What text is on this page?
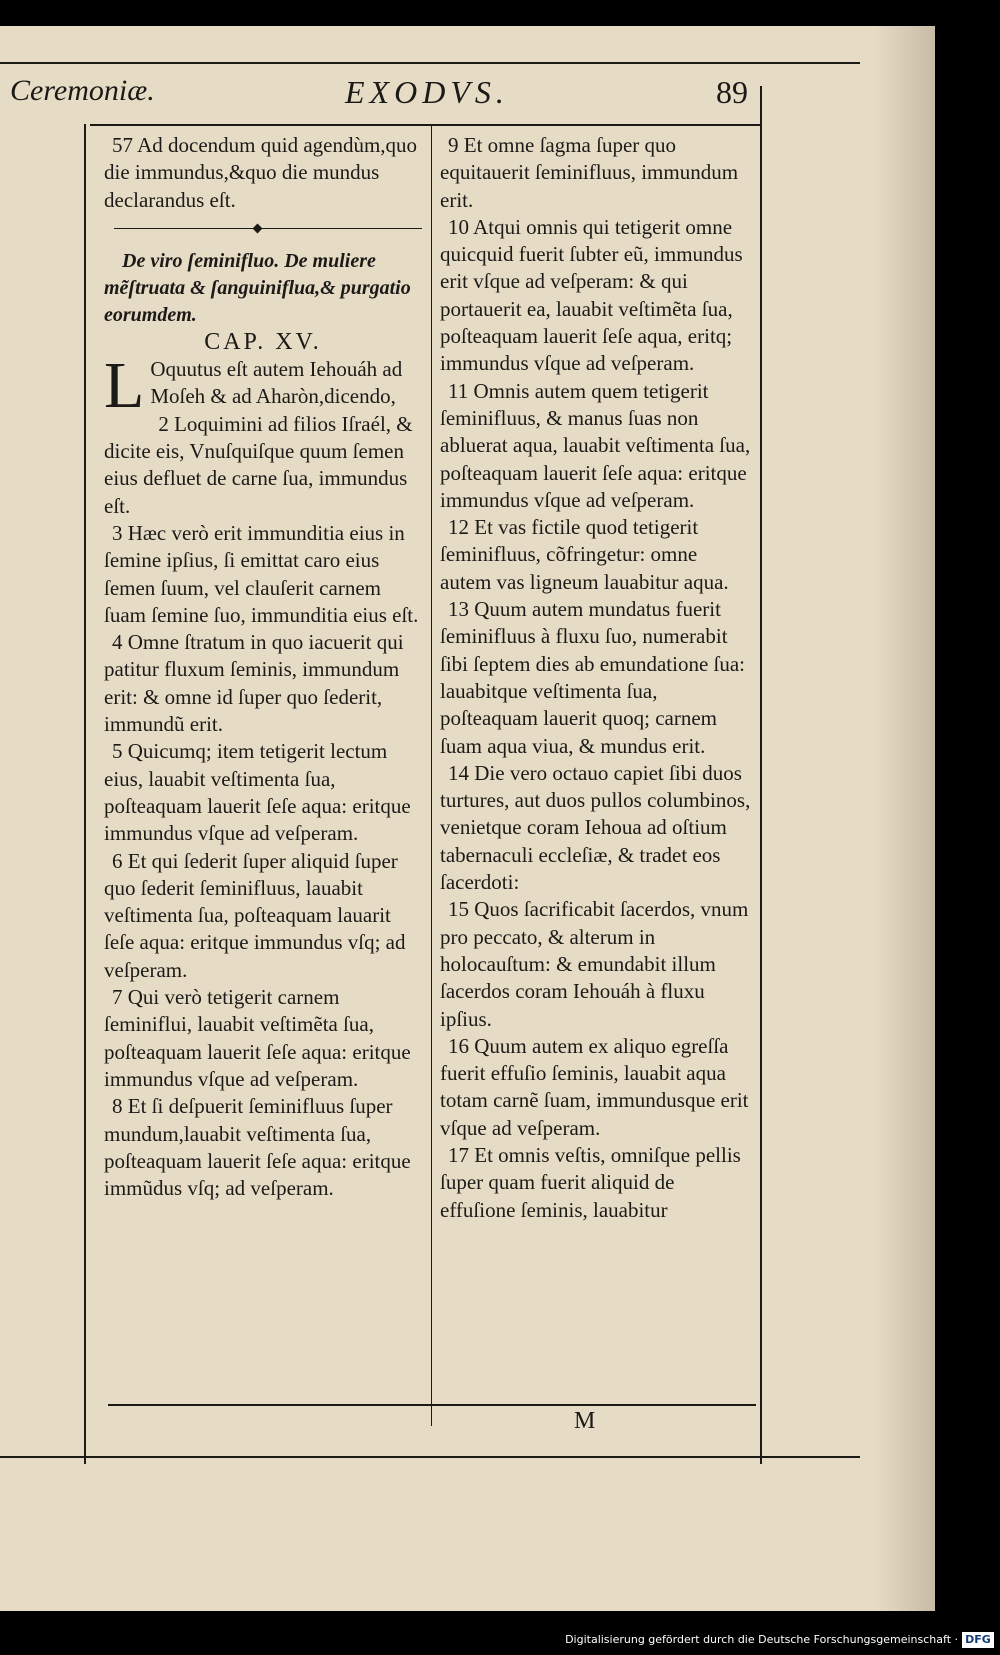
Ceremoniæ.	EXODVS.	89

57 Ad docendum quid agendùm,quo die immundus,&quo die mundus declarandus eſt.

De viro ſeminifluo. De muliere mẽſtruata & ſanguiniflua,& purgatio eorumdem.

CAP. XV.

L Oquutus eſt autem Iehouáh ad Moſeh & ad Aharòn,dicendo,

2 Loquimini ad filios Iſraél, & dicite eis, Vnuſquiſque quum ſemen eius defluet de carne ſua, immundus eſt.

3 Hæc verò erit immunditia eius in ſemine ipſius, ſi emittat caro eius ſemen ſuum, vel clauſerit carnem ſuam ſemine ſuo, immunditia eius eſt.

4 Omne ſtratum in quo iacuerit qui patitur fluxum ſeminis, immundum erit: & omne id ſuper quo ſederit, immundũ erit.

5 Quicumq; item tetigerit lectum eius, lauabit veſtimenta ſua, poſteaquam lauerit ſeſe aqua: eritque immundus vſque ad veſperam.

6 Et qui ſederit ſuper aliquid ſuper quo ſederit ſeminifluus, lauabit veſtimenta ſua, poſteaquam lauarit ſeſe aqua: eritque immundus vſq; ad veſperam.

7 Qui verò tetigerit carnem ſeminiflui, lauabit veſtimẽta ſua, poſteaquam lauerit ſeſe aqua: eritque immundus vſque ad veſperam.

8 Et ſi deſpuerit ſeminifluus ſuper mundum,lauabit veſtimenta ſua, poſteaquam lauerit ſeſe aqua: eritque immũdus vſq; ad veſperam.

9 Et omne ſagma ſuper quo equitauerit ſeminifluus, immundum erit.

10 Atqui omnis qui tetigerit omne quicquid fuerit ſubter eũ, immundus erit vſque ad veſperam: & qui portauerit ea, lauabit veſtimẽta ſua, poſteaquam lauerit ſeſe aqua, eritq; immundus vſque ad veſperam.

11 Omnis autem quem tetigerit ſeminifluus, & manus ſuas non abluerat aqua, lauabit veſtimenta ſua, poſteaquam lauerit ſeſe aqua: eritque immundus vſque ad veſperam.

12 Et vas fictile quod tetigerit ſeminifluus, cõfringetur: omne autem vas ligneum lauabitur aqua.

13 Quum autem mundatus fuerit ſeminifluus à fluxu ſuo, numerabit ſibi ſeptem dies ab emundatione ſua: lauabitque veſtimenta ſua, poſteaquam lauerit quoq; carnem ſuam aqua viua, & mundus erit.

14 Die vero octauo capiet ſibi duos turtures, aut duos pullos columbinos, venietque coram Iehoua ad oſtium tabernaculi eccleſiæ, & tradet eos ſacerdoti:

15 Quos ſacrificabit ſacerdos, vnum pro peccato, & alterum in holocauſtum: & emundabit illum ſacerdos coram Iehouáh à fluxu ipſius.

16 Quum autem ex aliquo egreſſa fuerit effuſio ſeminis, lauabit aqua totam carnẽ ſuam, immundusque erit vſque ad veſperam.

17 Et omnis veſtis, omniſque pellis ſuper quam fuerit aliquid de effuſione ſeminis, lauabitur

M
Digitalisierung gefördert durch die Deutsche Forschungsgemeinschaft · DFG
